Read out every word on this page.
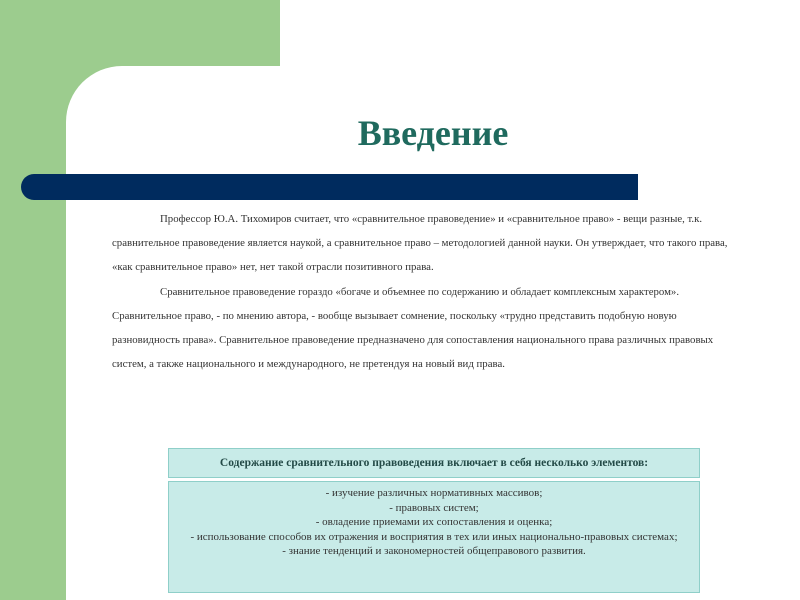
Введение

Профессор Ю.А. Тихомиров считает, что «сравнительное правоведение» и «сравнительное право» - вещи разные, т.к. сравнительное правоведение является наукой, а сравнительное право – методологией данной науки. Он утверждает, что такого права, «как сравнительное право» нет, нет такой отрасли позитивного права.

Сравнительное правоведение гораздо «богаче и объемнее по содержанию и обладает комплексным характером». Сравнительное право, - по мнению автора, - вообще вызывает сомнение, поскольку «трудно представить подобную новую разновидность права». Сравнительное правоведение предназначено для сопоставления национального права различных правовых систем, а также национального и международного, не претендуя на новый вид права.

Содержание сравнительного правоведения включает в себя несколько элементов:
- изучение различных нормативных массивов;
- правовых систем;
- овладение приемами их сопоставления и оценка;
- использование способов их отражения и восприятия в тех или иных национально-правовых системах;
- знание тенденций и закономерностей общеправового развития.
